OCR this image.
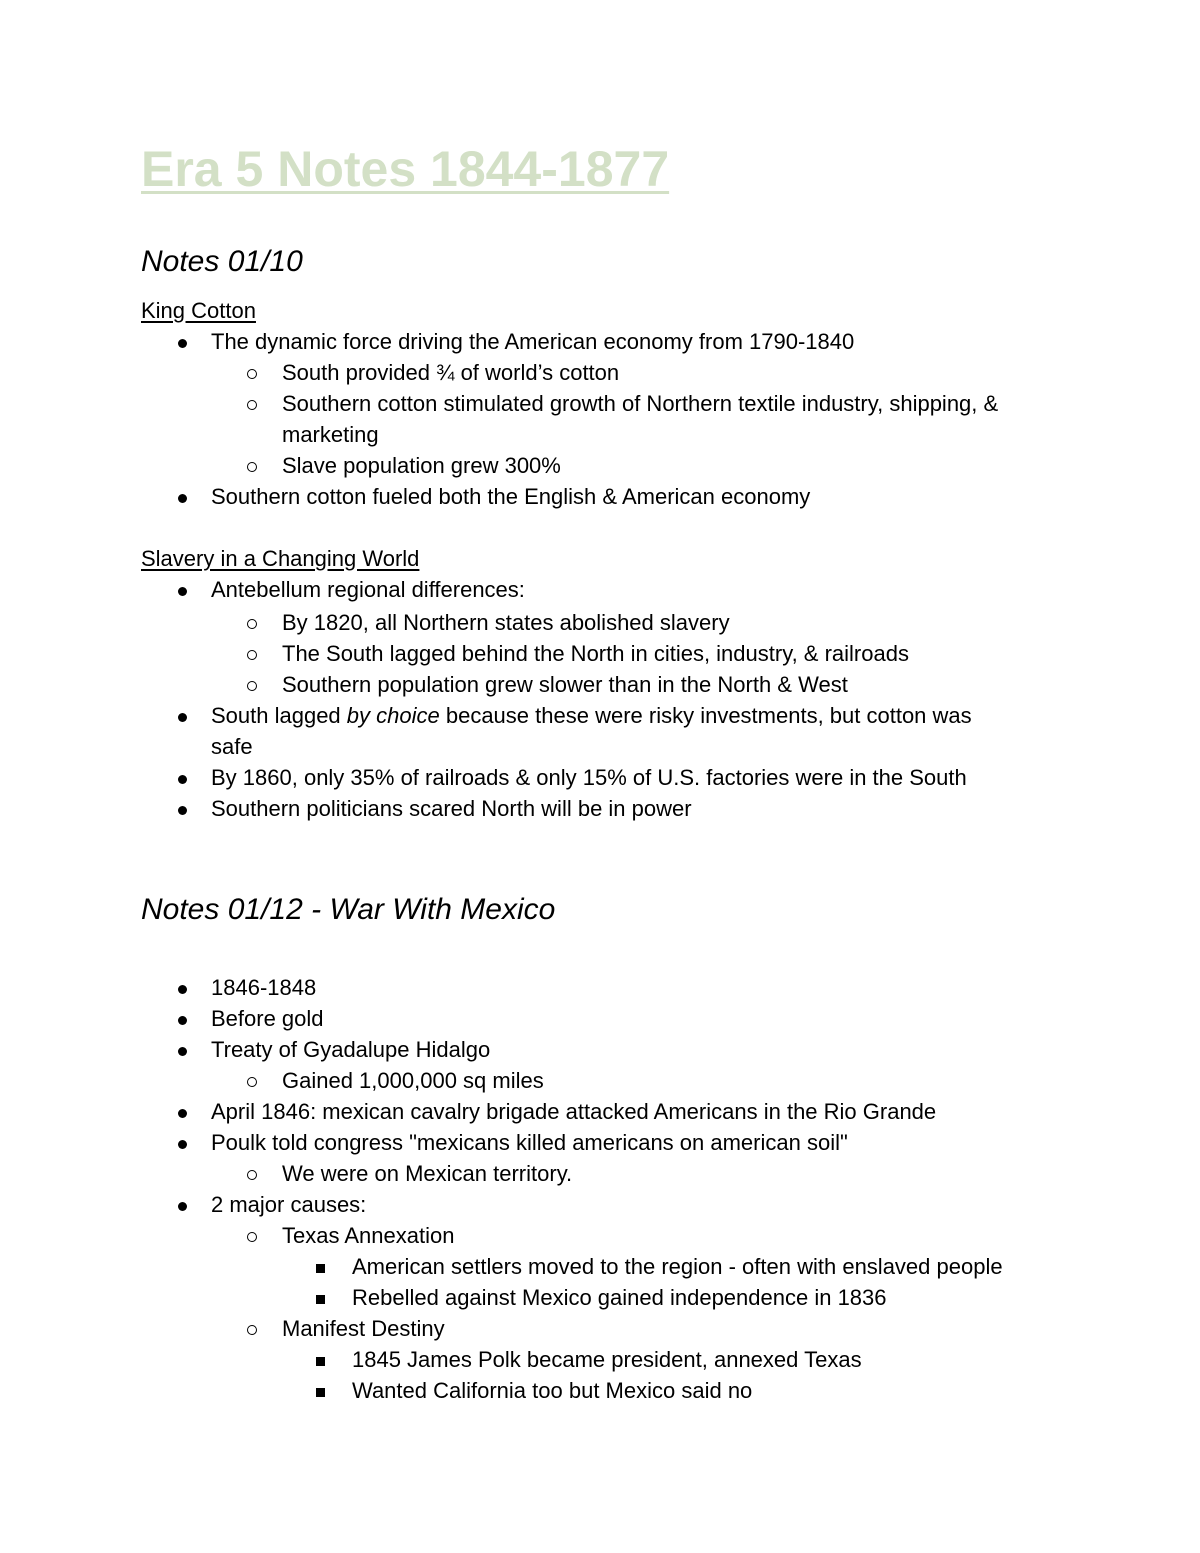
Era 5 Notes 1844-1877
Notes 01/10
King Cotton
The dynamic force driving the American economy from 1790-1840
South provided ¾ of world’s cotton
Southern cotton stimulated growth of Northern textile industry, shipping, &
marketing
Slave population grew 300%
Southern cotton fueled both the English & American economy
Slavery in a Changing World
Antebellum regional differences:
By 1820, all Northern states abolished slavery
The South lagged behind the North in cities, industry, & railroads
Southern population grew slower than in the North & West
South lagged by choice because these were risky investments, but cotton was
safe
By 1860, only 35% of railroads & only 15% of U.S. factories were in the South
Southern politicians scared North will be in power
Notes 01/12 - War With Mexico
1846-1848
Before gold
Treaty of Gyadalupe Hidalgo
Gained 1,000,000 sq miles
April 1846: mexican cavalry brigade attacked Americans in the Rio Grande
Poulk told congress "mexicans killed americans on american soil"
We were on Mexican territory.
2 major causes:
Texas Annexation
American settlers moved to the region - often with enslaved people
Rebelled against Mexico gained independence in 1836
Manifest Destiny
1845 James Polk became president, annexed Texas
Wanted California too but Mexico said no
